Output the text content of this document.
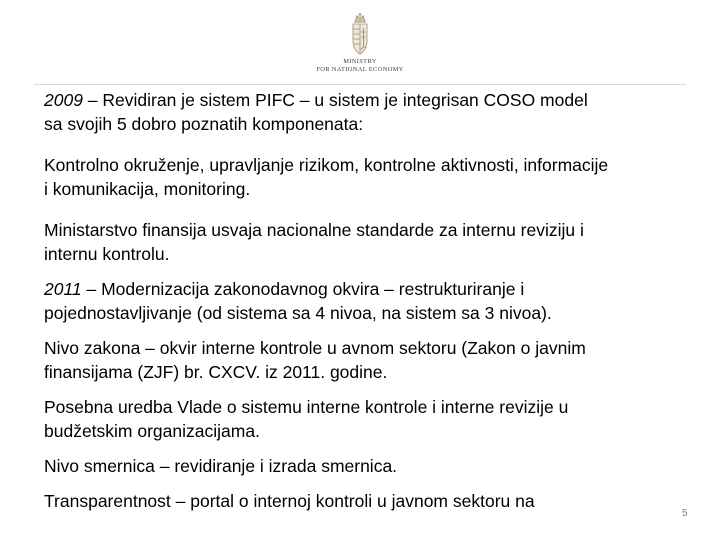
MINISTRY
FOR NATIONAL ECONOMY

2009 – Revidiran je sistem PIFC – u sistem je integrisan COSO model
sa svojih 5 dobro poznatih komponenata:

Kontrolno okruženje, upravljanje rizikom, kontrolne aktivnosti, informacije
i komunikacija, monitoring.

Ministarstvo finansija usvaja nacionalne standarde za internu reviziju i
internu kontrolu.

2011 – Modernizacija zakonodavnog okvira – restrukturiranje i
pojednostavljivanje (od sistema sa 4 nivoa, na sistem sa 3 nivoa).

Nivo zakona – okvir interne kontrole u avnom sektoru (Zakon o javnim
finansijama (ZJF) br. CXCV. iz 2011. godine.

Posebna uredba Vlade o sistemu interne kontrole i interne revizije u
budžetskim organizacijama.

Nivo smernica – revidiranje i izrada smernica.

Transparentnost – portal o internoj kontroli u javnom sektoru na

5
